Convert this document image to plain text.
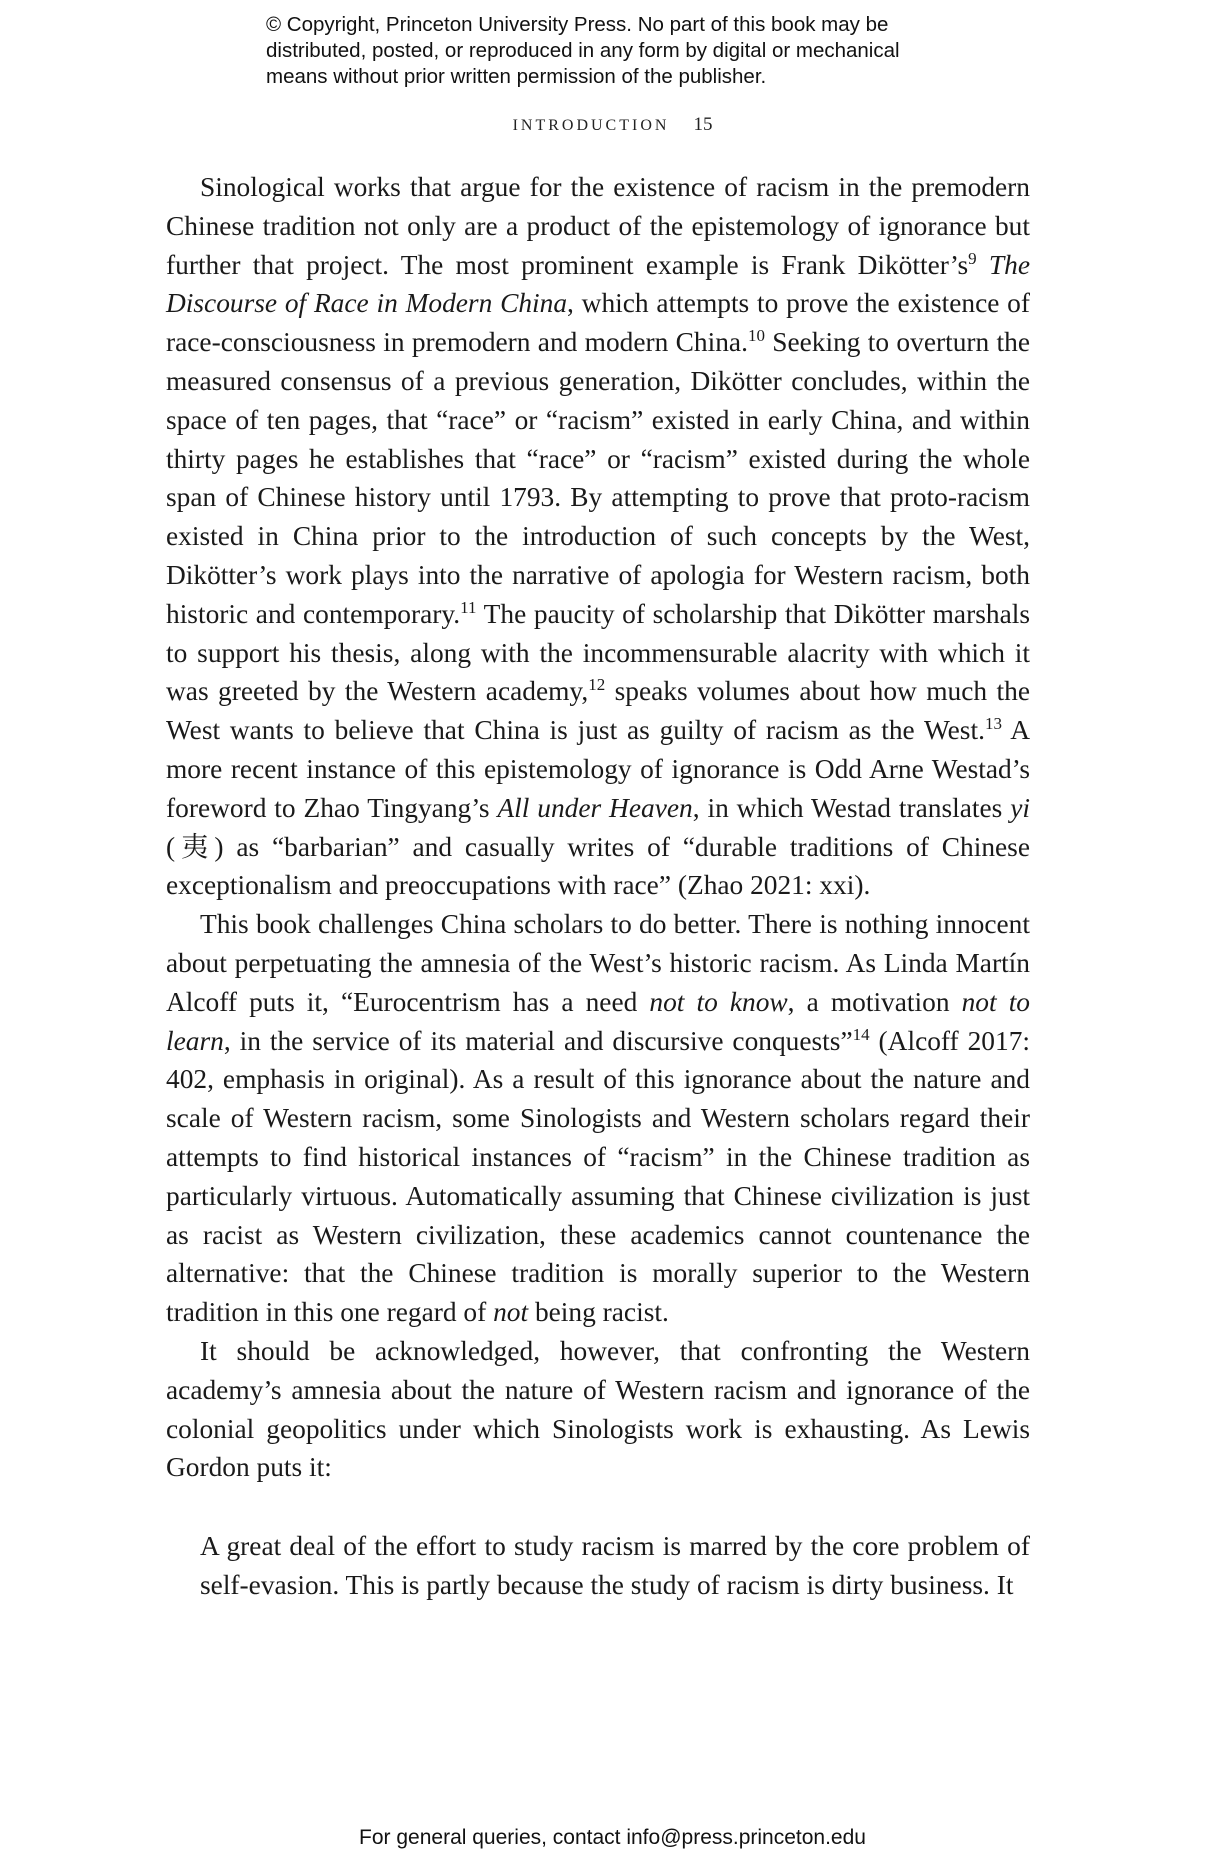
© Copyright, Princeton University Press. No part of this book may be
distributed, posted, or reproduced in any form by digital or mechanical
means without prior written permission of the publisher.
INTRODUCTION 15

Sinological works that argue for the existence of racism in the premodern Chinese tradition not only are a product of the epistemology of ignorance but further that project. The most prominent example is Frank $Dikötter’s^9$ The Discourse of Race in Modern China, which attempts to prove the existence of race-consciousness in premodern and modern China.$^{10}$ Seeking to overturn the measured consensus of a previous generation, Dikötter concludes, within the space of ten pages, that “race” or “racism” existed in early China, and within thirty pages he establishes that “race” or “racism” existed during the whole span of Chinese history until 1793. By attempting to prove that proto-racism existed in China prior to the introduction of such concepts by the West, Dikötter’s work plays into the narrative of apologia for Western racism, both historic and contemporary.$^{11}$ The paucity of scholarship that Dikötter marshals to support his thesis, along with the incommensurable alacrity with which it was greeted by the Western academy,$^{12}$ speaks volumes about how much the West wants to believe that China is just as guilty of racism as the West.$^{13}$ A more recent instance of this epistemology of ignorance is Odd Arne Westad’s foreword to Zhao Tingyang’s All under Heaven, in which Westad translates yi (夷) as “barbarian” and casually writes of “durable traditions of Chinese exceptionalism and preoccupations with race” (Zhao 2021: xxi).

This book challenges China scholars to do better. There is nothing innocent about perpetuating the amnesia of the West’s historic racism. As Linda Martín Alcoff puts it, “Eurocentrism has a need not to know, a motivation not to learn, in the service of its material and discursive conquests”$^{14}$ (Alcoff 2017: 402, emphasis in original). As a result of this ignorance about the nature and scale of Western racism, some Sinologists and Western scholars regard their attempts to find historical instances of “racism” in the Chinese tradition as particularly virtuous. Automatically assuming that Chinese civilization is just as racist as Western civilization, these academics cannot countenance the alternative: that the Chinese tradition is morally superior to the Western tradition in this one regard of not being racist.

It should be acknowledged, however, that confronting the Western academy’s amnesia about the nature of Western racism and ignorance of the colonial geopolitics under which Sinologists work is exhausting. As Lewis Gordon puts it:

A great deal of the effort to study racism is marred by the core problem of self-evasion. This is partly because the study of racism is dirty business. It

For general queries, contact info@press.princeton.edu
